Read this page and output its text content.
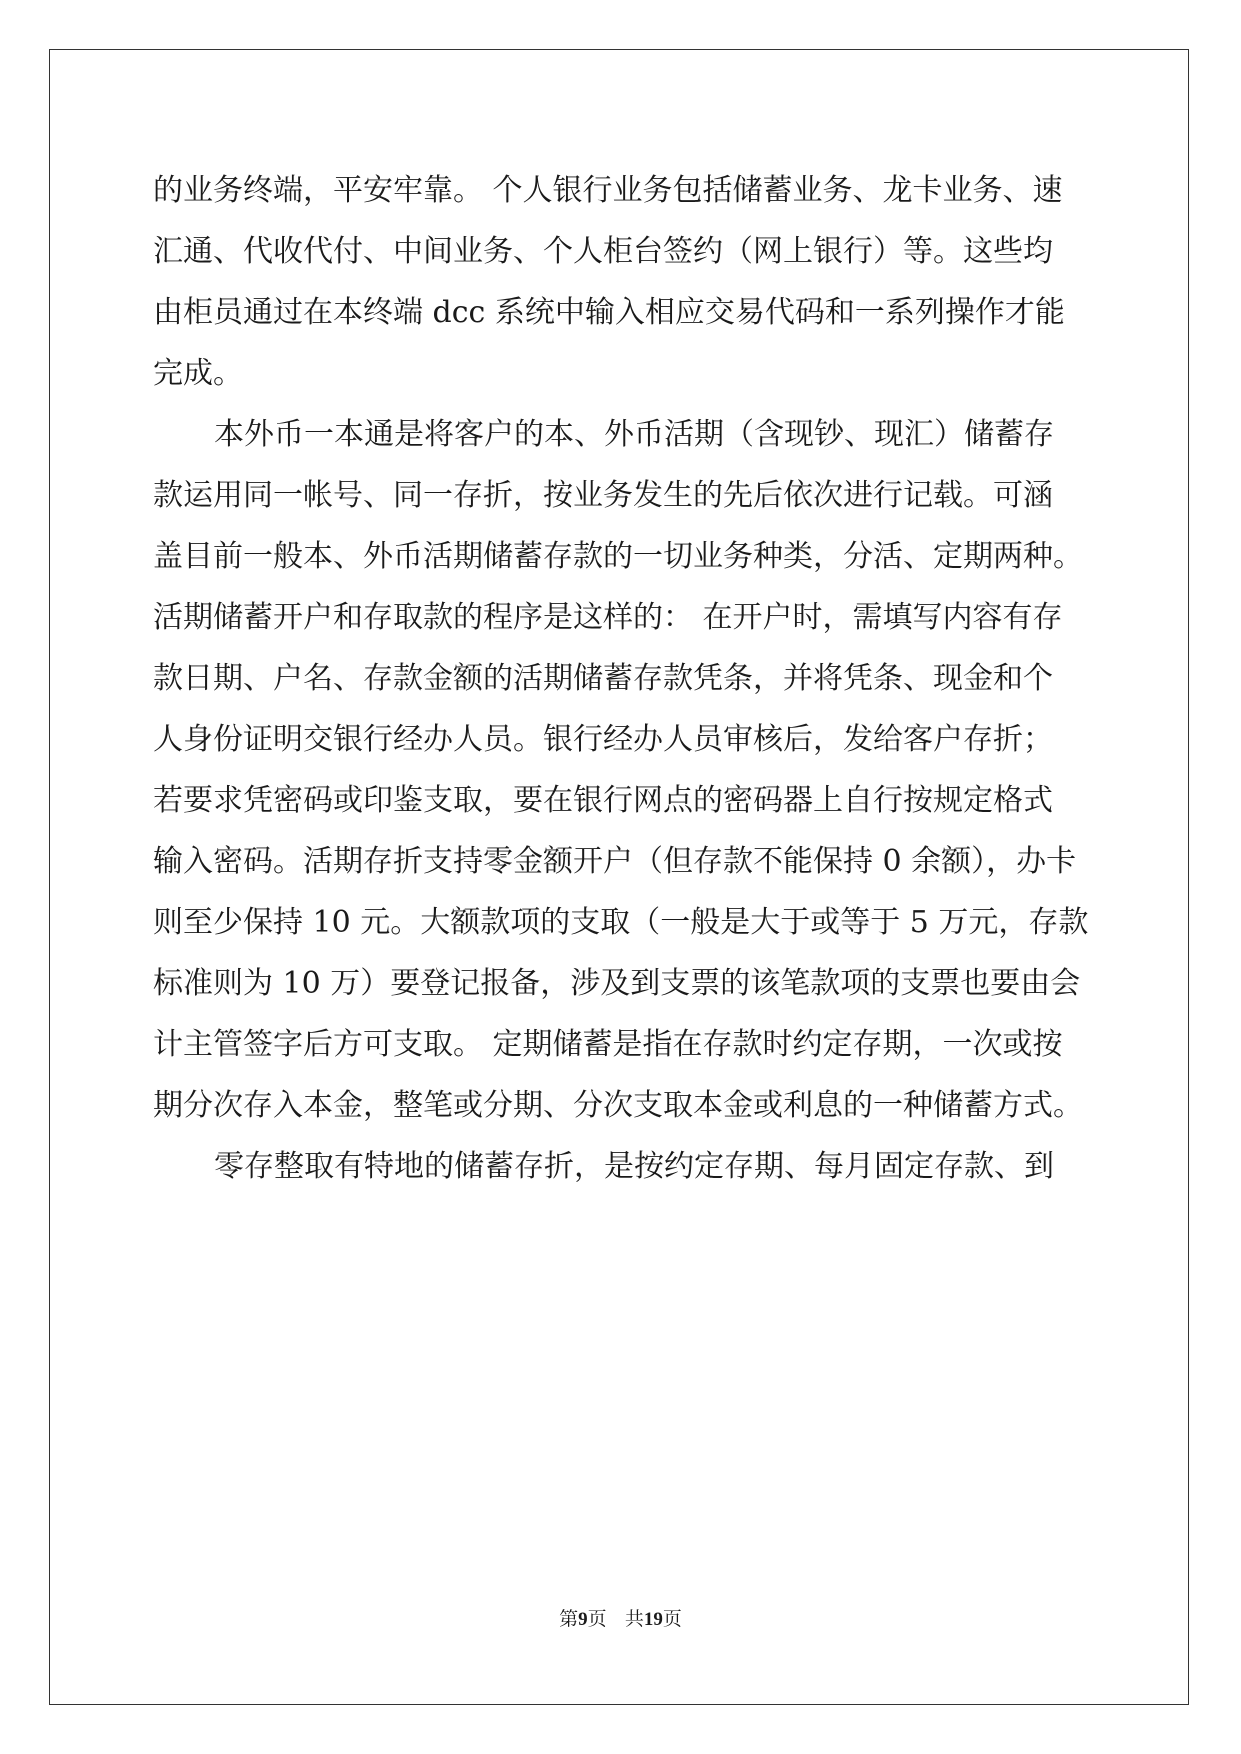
的业务终端，平安牢靠。 个人银行业务包括储蓄业务、龙卡业务、速
汇通、代收代付、中间业务、个人柜台签约（网上银行）等。这些均
由柜员通过在本终端 dcc 系统中输入相应交易代码和一系列操作才能
完成。
本外币一本通是将客户的本、外币活期（含现钞、现汇）储蓄存
款运用同一帐号、同一存折，按业务发生的先后依次进行记载。可涵
盖目前一般本、外币活期储蓄存款的一切业务种类，分活、定期两种。
活期储蓄开户和存取款的程序是这样的： 在开户时，需填写内容有存
款日期、户名、存款金额的活期储蓄存款凭条，并将凭条、现金和个
人身份证明交银行经办人员。银行经办人员审核后，发给客户存折；
若要求凭密码或印鉴支取，要在银行网点的密码器上自行按规定格式
输入密码。活期存折支持零金额开户（但存款不能保持 0 余额），办卡
则至少保持 10 元。大额款项的支取（一般是大于或等于 5 万元，存款
标准则为 10 万）要登记报备，涉及到支票的该笔款项的支票也要由会
计主管签字后方可支取。 定期储蓄是指在存款时约定存期，一次或按
期分次存入本金，整笔或分期、分次支取本金或利息的一种储蓄方式。
零存整取有特地的储蓄存折，是按约定存期、每月固定存款、到
第9页 共19页
